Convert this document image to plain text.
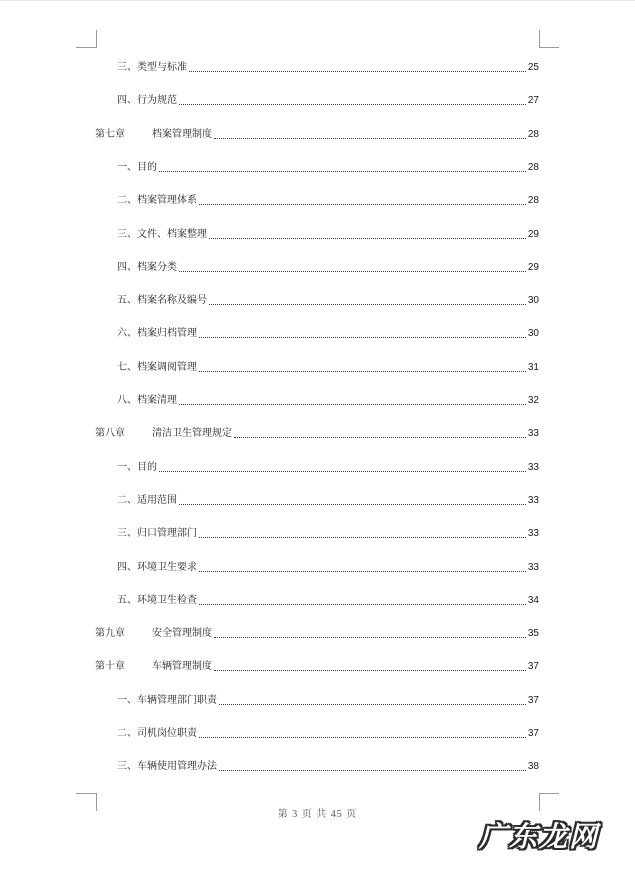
三、类型与标准	25
四、行为规范	27
第七章	档案管理制度	28
一、目的	28
二、档案管理体系	28
三、文件、档案整理	29
四、档案分类	29
五、档案名称及编号	30
六、档案归档管理	30
七、档案调阅管理	31
八、档案清理	32
第八章	清洁卫生管理规定	33
一、目的	33
二、适用范围	33
三、归口管理部门	33
四、环境卫生要求	33
五、环境卫生检查	34
第九章	安全管理制度	35
第十章	车辆管理制度	37
一、车辆管理部门职责	37
二、司机岗位职责	37
三、车辆使用管理办法	38
第 3 页 共 45 页
广东龙网
